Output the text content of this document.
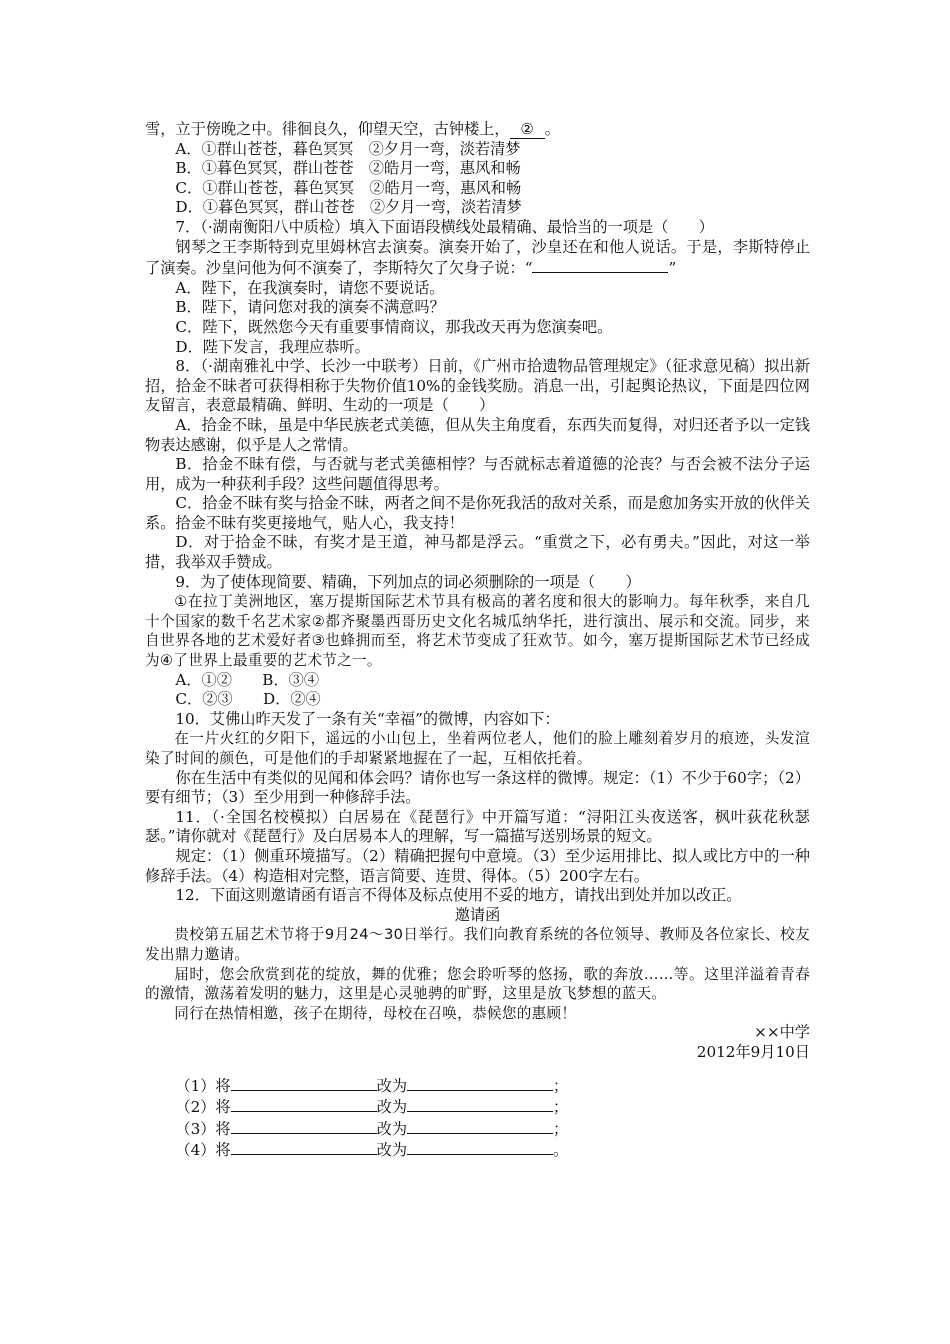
雪，立于傍晚之中。徘徊良久，仰望天空，古钟楼上， ② 。

A．①群山苍苍，暮色冥冥　②夕月一弯，淡若清梦

B．①暮色冥冥，群山苍苍　②皓月一弯，惠风和畅

C．①群山苍苍，暮色冥冥　②皓月一弯，惠风和畅

D．①暮色冥冥，群山苍苍　②夕月一弯，淡若清梦

7．（·湖南衡阳八中质检）填入下面语段横线处最精确、最恰当的一项是（　　）

钢琴之王李斯特到克里姆林宫去演奏。演奏开始了，沙皇还在和他人说话。于是，李斯特停止了演奏。沙皇问他为何不演奏了，李斯特欠了欠身子说：“	”

A．陛下，在我演奏时，请您不要说话。

B．陛下，请问您对我的演奏不满意吗？

C．陛下，既然您今天有重要事情商议，那我改天再为您演奏吧。

D．陛下发言，我理应恭听。

8．（·湖南雅礼中学、长沙一中联考）日前，《广州市拾遗物品管理规定》（征求意见稿）拟出新招，拾金不昧者可获得相称于失物价值10%的金钱奖励。消息一出，引起舆论热议，下面是四位网友留言，表意最精确、鲜明、生动的一项是（　　）

A．拾金不昧，虽是中华民族老式美德，但从失主角度看，东西失而复得，对归还者予以一定钱物表达感谢，似乎是人之常情。

B．拾金不昧有偿，与否就与老式美德相悖？与否就标志着道德的沦丧？与否会被不法分子运用，成为一种获利手段？这些问题值得思考。

C．拾金不昧有奖与拾金不昧，两者之间不是你死我活的敌对关系，而是愈加务实开放的伙伴关系。拾金不昧有奖更接地气，贴人心，我支持！

D．对于拾金不昧，有奖才是王道，神马都是浮云。“重赏之下，必有勇夫。”因此，对这一举措，我举双手赞成。

9．为了使体现简要、精确，下列加点的词必须删除的一项是（　　）

①在拉丁美洲地区，塞万提斯国际艺术节具有极高的著名度和很大的影响力。每年秋季，来自几十个国家的数千名艺术家②都齐聚墨西哥历史文化名城瓜纳华托，进行演出、展示和交流。同步，来自世界各地的艺术爱好者③也蜂拥而至，将艺术节变成了狂欢节。如今，塞万提斯国际艺术节已经成为④了世界上最重要的艺术节之一。

A．①②　　B．③④

C．②③　　D．②④

10．艾佛山昨天发了一条有关“幸福”的微博，内容如下：

在一片火红的夕阳下，遥远的小山包上，坐着两位老人，他们的脸上雕刻着岁月的痕迹，头发渲染了时间的颜色，可是他们的手却紧紧地握在了一起，互相依托着。

你在生活中有类似的见闻和体会吗？请你也写一条这样的微博。规定：（1）不少于60字；（2）要有细节；（3）至少用到一种修辞手法。

11．（·全国名校模拟）白居易在《琵琶行》中开篇写道：“浔阳江头夜送客，枫叶荻花秋瑟瑟。”请你就对《琵琶行》及白居易本人的理解，写一篇描写送别场景的短文。

规定：（1）侧重环境描写。（2）精确把握句中意境。（3）至少运用排比、拟人或比方中的一种修辞手法。（4）构造相对完整，语言简要、连贯、得体。（5）200字左右。

12．下面这则邀请函有语言不得体及标点使用不妥的地方，请找出到处并加以改正。

邀请函

贵校第五届艺术节将于9月24～30日举行。我们向教育系统的各位领导、教师及各位家长、校友发出鼎力邀请。

届时，您会欣赏到花的绽放，舞的优雅；您会聆听琴的悠扬，歌的奔放……等。这里洋溢着青春的激情，激荡着发明的魅力，这里是心灵驰骋的旷野，这里是放飞梦想的蓝天。

同行在热情相邀，孩子在期待，母校在召唤，恭候您的惠顾！

××中学

2012年9月10日

（1）将	改为	；

（2）将	改为	；

（3）将	改为	；

（4）将	改为	。
